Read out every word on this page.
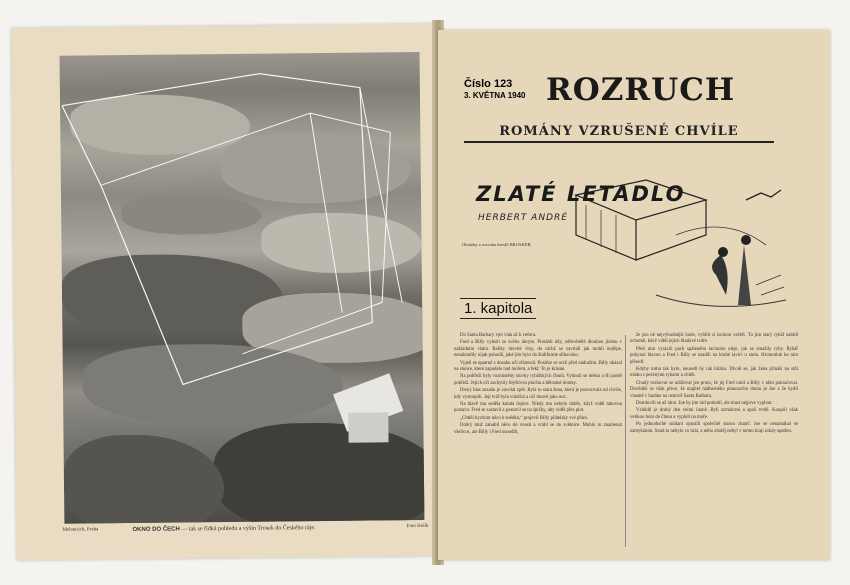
Melantrich, Praha	OKNO DO ČECH — tak se řídká pohledu a výšin Trosek do Českého ráje.	Foto Holík
Číslo 123
3. KVĚTNA 1940 ROZRUCH
ROMÁNY VZRUŠENÉ CHVÍLE
ZLATÉ LETADLO
HERBERT ANDRÉ
Obrázky a rozvahu kreslil BROSKEB.
1. kapitola

Do Santa Barbary vjel vlak až k večeru.

Fred a Billy vylezli ze svého úkrytu. Protáhli údy, zdřevěnělé dlouhou jízdou v nákladním vlaku. Balíky drevité vlny, do nichž se zavrtali jak mohli nejlépe, nenahradily nijak pohodlí, jaké jim bylo do Kalifornie slibováno.

Vyjeli se opatrně z dosahu oči zřízenců. Posléze se octli před nádražím. Billy ukázal na slunce, které zapadalo nad mořem, a řekl: To je krásné.

Na pobřeží byly rozmístěny stovky rybářských člunů. Vyhnuli se městu a šli podél pobřeží. Jejich oči zachytily blyštivou plochu a bělostné domky.

Drsný hlas zezadu je zavolal zpět. Byla to stará žena, která je pozorovala od chvíle, kdy vystoupili. Její tvář byla vrásčitá a oči tmavé jako noc.

Na hlavě mu seděla kulatá čepice. Nikdy mu nebylo dobře, když viděl takovou postavu. Fred se zastavil a postavil se na špičky, aby viděl přes plot.

„Chtěli bychom něco k snědku,“ projevil Billy přátelsky své přání.

Dobrý muž zahubil něco do vousů a vrátil se do světnice. Mohlo to znamenat všelicos, ale Billy i Fred usoudili,

že pro ně nejvýhodnější bude, vybílit si lacinou večeři. Tu jim starý rybář nabídl ochotně, když viděl jejich hladové tváře.

Přeli nim vyrazili pach spáleného lacinoho oleje, jak se smažily ryby. Rybář pokynul hlavou a Fred i Billy se usadili na hrubé lavici u stolu. Hromotluk ke nim přisedl.

Kdyby tomu tak bylo, neusedl by tak blízko. Dívali se, jak žena přináší na stůl misku s pečenými rybami a chléb.

Chudý rozhovor se udržoval jen proto, že jej Fred nutil a Billy v něm pokračoval. Dověděli se však přece, že majitel nádherného planoucího domu je Joe a že bydlí vlastně v baráku na ostrově Santa Barbara.

Domluvili se až ráno. Joe by jim rád pomohl, ale musí nejprve vyplout.

Vzhůdli je druhý den velmi časně. Byli utrmácení a spali tvrdě. Koupili však velikou botu do člunu a vypluli na moře.

Po jednoduché snídani opustili společně starou chatrč. Joe se nenamáhal se zamykáním. Snad tu nebylo co brát, a nebo zloděj nebyl v tomto kraji nikdy spatřen.
